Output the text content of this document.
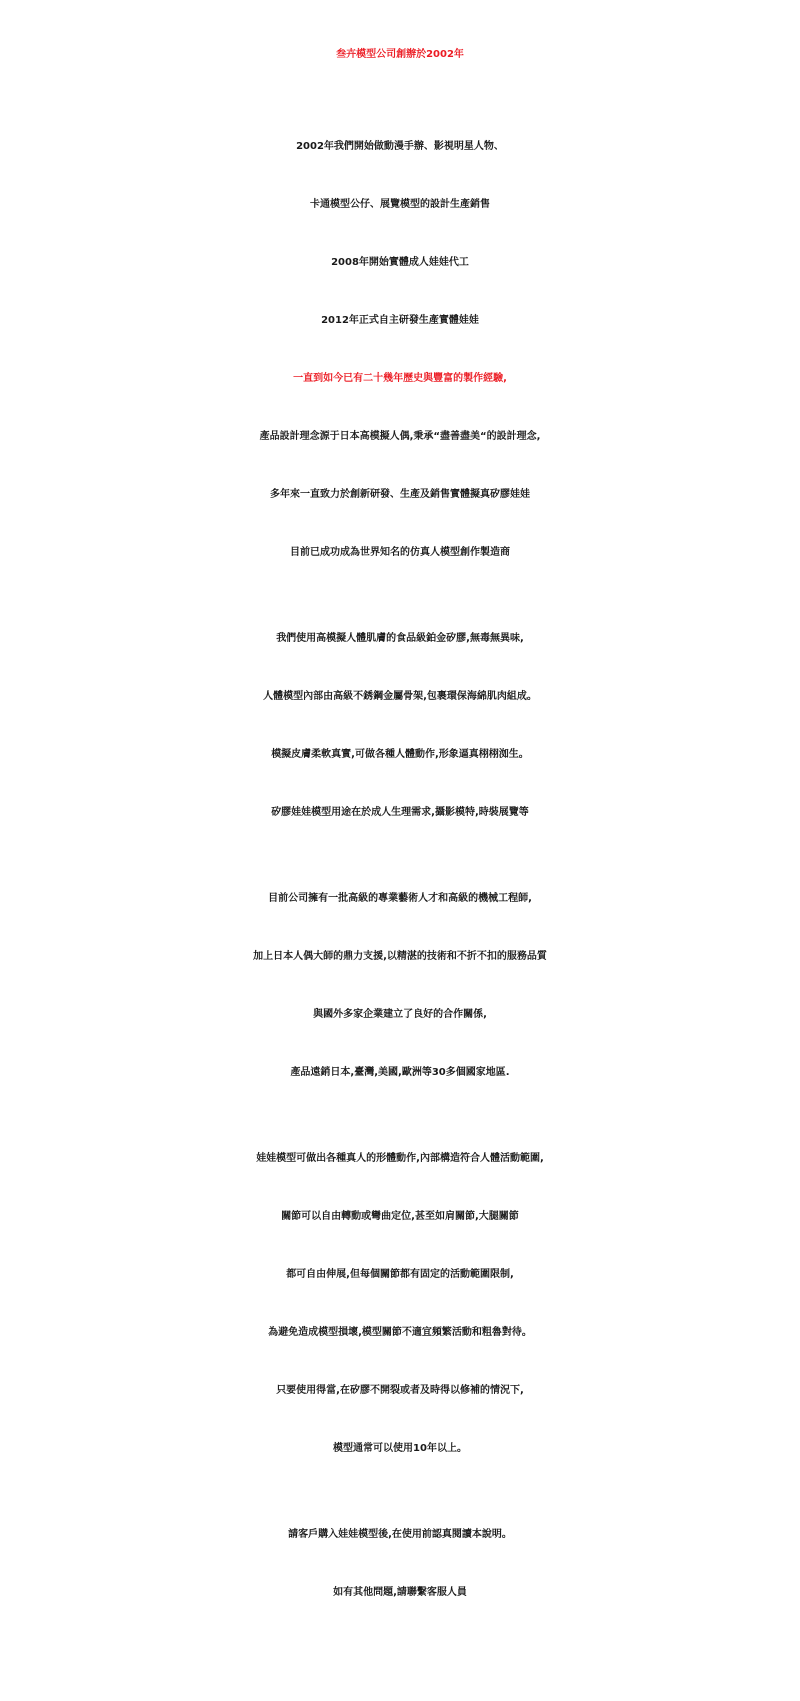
叁卉模型公司創辦於2002年

2002年我們開始做動漫手辦、影視明星人物、

卡通模型公仔、展覽模型的設計生產銷售

2008年開始實體成人娃娃代工

2012年正式自主研發生產實體娃娃

一直到如今已有二十幾年歷史與豐富的製作經驗,

產品設計理念源于日本高模擬人偶,秉承“盡善盡美“的設計理念,

多年來一直致力於創新研發、生產及銷售實體擬真矽膠娃娃

目前已成功成為世界知名的仿真人模型創作製造商

我們使用高模擬人體肌膚的食品級鉑金矽膠,無毒無異味,

人體模型內部由高級不銹鋼金屬骨架,包裹環保海綿肌肉組成。

模擬皮膚柔軟真實,可做各種人體動作,形象逼真栩栩洳生。

矽膠娃娃模型用途在於成人生理需求,攝影模特,時裝展覽等

目前公司擁有一批高級的專業藝術人才和高級的機械工程師,

加上日本人偶大師的鼎力支援,以精湛的技術和不折不扣的服務品質

與國外多家企業建立了良好的合作關係,

產品遠銷日本,臺灣,美國,歐洲等30多個國家地區.

娃娃模型可做出各種真人的形體動作,內部構造符合人體活動範圍,

關節可以自由轉動或彎曲定位,甚至如肩關節,大腿關節

都可自由伸展,但每個關節都有固定的活動範圍限制,

為避免造成模型損壞,模型關節不適宜頻繁活動和粗魯對待。

只要使用得當,在矽膠不開裂或者及時得以修補的情況下,

模型通常可以使用10年以上。

請客戶購入娃娃模型後,在使用前認真閱讀本說明。

如有其他問題,請聯繫客服人員
